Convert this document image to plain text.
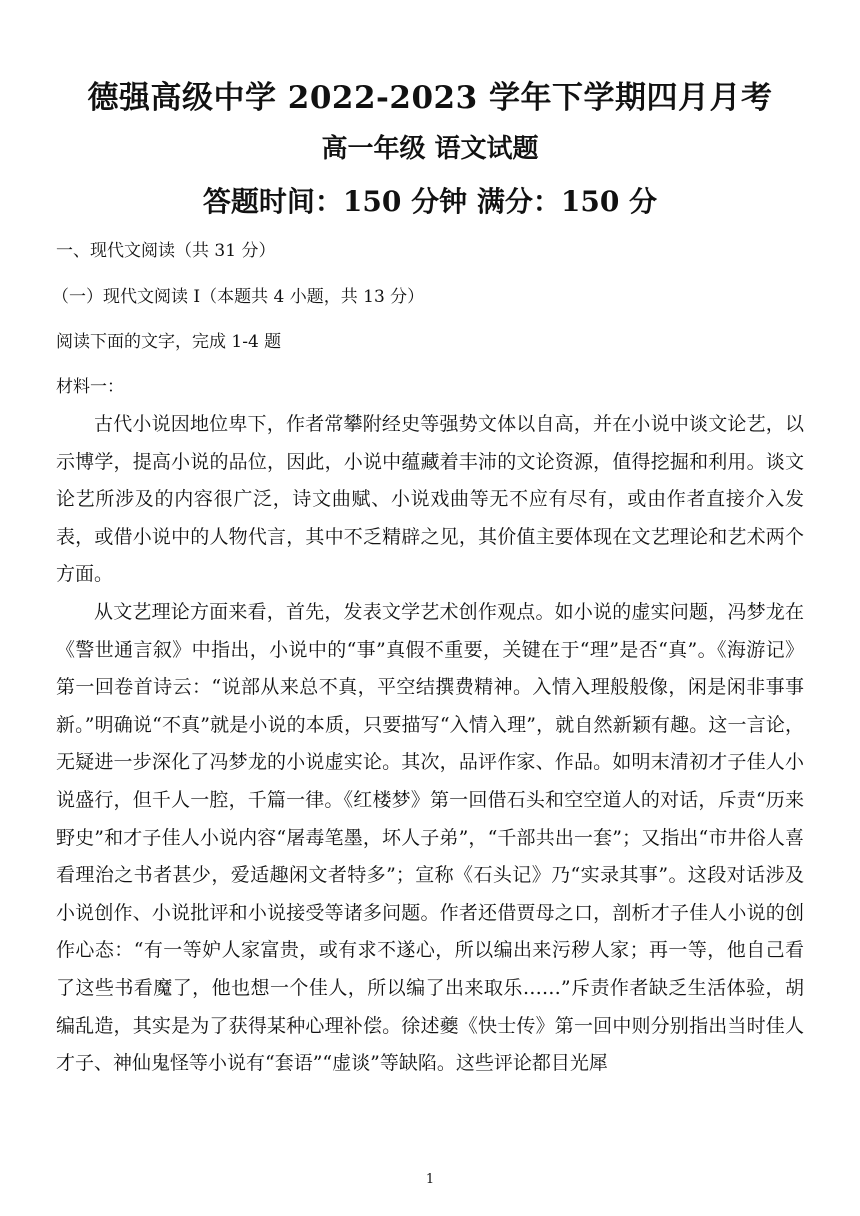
德强高级中学 2022-2023 学年下学期四月月考
高一年级 语文试题
答题时间：150 分钟 满分：150 分
一、现代文阅读（共 31 分）
（一）现代文阅读 I（本题共 4 小题，共 13 分）
阅读下面的文字，完成 1-4 题
材料一：

古代小说因地位卑下，作者常攀附经史等强势文体以自高，并在小说中谈文论艺，以示博学，提高小说的品位，因此，小说中蕴藏着丰沛的文论资源，值得挖掘和利用。谈文论艺所涉及的内容很广泛，诗文曲赋、小说戏曲等无不应有尽有，或由作者直接介入发表，或借小说中的人物代言，其中不乏精辟之见，其价值主要体现在文艺理论和艺术两个方面。

从文艺理论方面来看，首先，发表文学艺术创作观点。如小说的虚实问题，冯梦龙在《警世通言叙》中指出，小说中的“事”真假不重要，关键在于“理”是否“真”。《海游记》第一回卷首诗云：“说部从来总不真，平空结撰费精神。入情入理般般像，闲是闲非事事新。”明确说“不真”就是小说的本质，只要描写“入情入理”，就自然新颖有趣。这一言论，无疑进一步深化了冯梦龙的小说虚实论。其次，品评作家、作品。如明末清初才子佳人小说盛行，但千人一腔，千篇一律。《红楼梦》第一回借石头和空空道人的对话，斥责“历来野史”和才子佳人小说内容“屠毒笔墨，坏人子弟”，“千部共出一套”；又指出“市井俗人喜看理治之书者甚少，爱适趣闲文者特多”；宣称《石头记》乃“实录其事”。这段对话涉及小说创作、小说批评和小说接受等诸多问题。作者还借贾母之口，剖析才子佳人小说的创作心态：“有一等妒人家富贵，或有求不遂心，所以编出来污秽人家；再一等，他自己看了这些书看魔了，他也想一个佳人，所以编了出来取乐……”斥责作者缺乏生活体验，胡编乱造，其实是为了获得某种心理补偿。徐述夔《快士传》第一回中则分别指出当时佳人才子、神仙鬼怪等小说有“套语”“虚谈”等缺陷。这些评论都目光犀

1
